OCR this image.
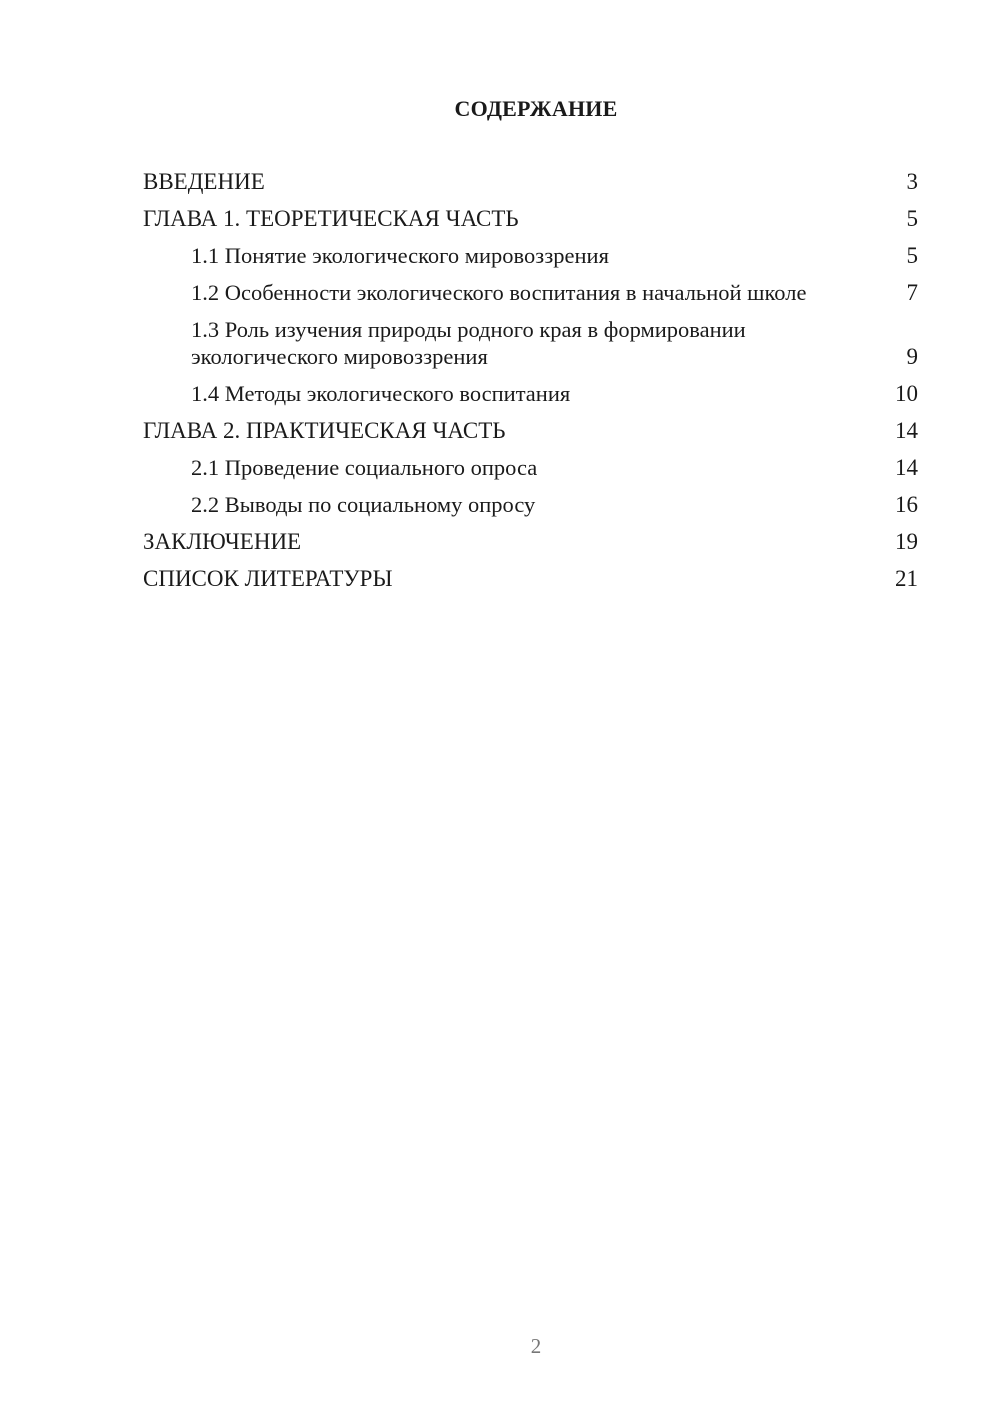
СОДЕРЖАНИЕ
ВВЕДЕНИЕ	3
ГЛАВА 1. ТЕОРЕТИЧЕСКАЯ ЧАСТЬ	5
1.1 Понятие экологического мировоззрения	5
1.2 Особенности экологического воспитания в начальной школе	7
1.3 Роль изучения природы родного края в формировании экологического мировоззрения	9
1.4 Методы экологического воспитания	10
ГЛАВА 2. ПРАКТИЧЕСКАЯ ЧАСТЬ	14
2.1 Проведение социального опроса	14
2.2 Выводы по социальному опросу	16
ЗАКЛЮЧЕНИЕ	19
СПИСОК ЛИТЕРАТУРЫ	21
2
